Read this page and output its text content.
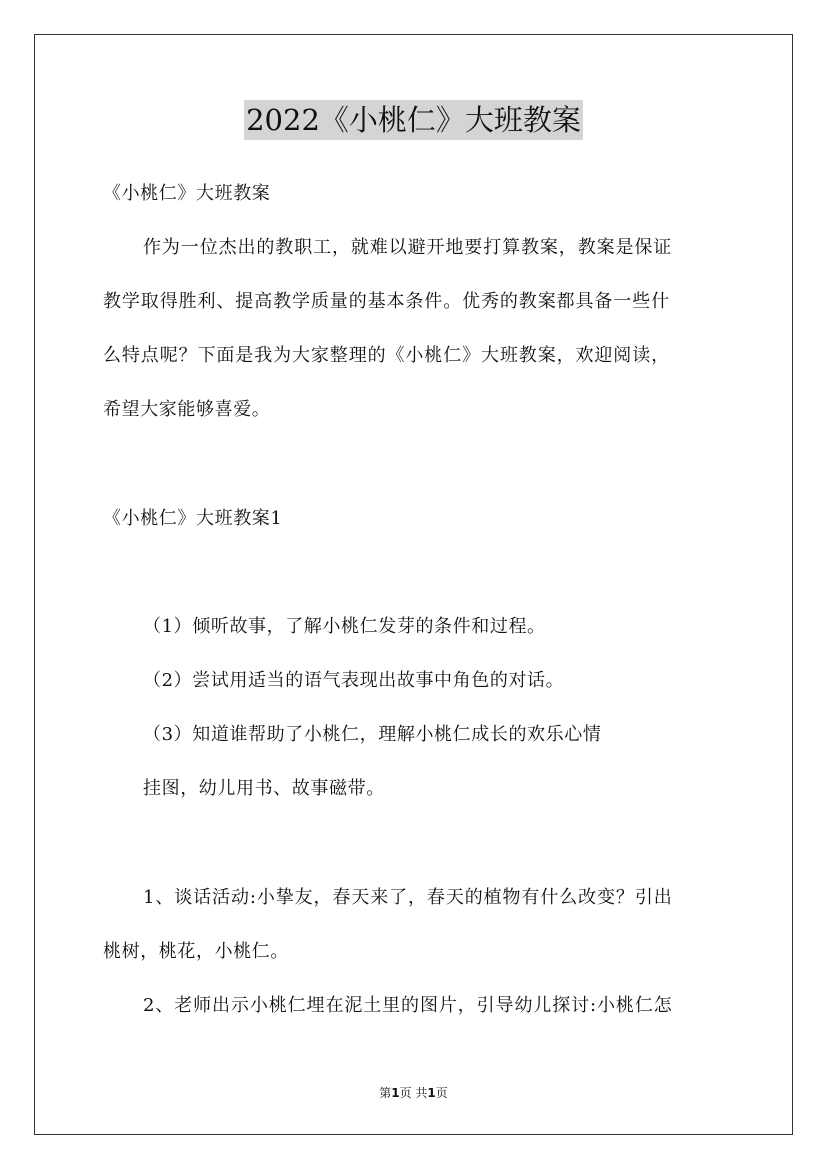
2022《小桃仁》大班教案
《小桃仁》大班教案
作为一位杰出的教职工，就难以避开地要打算教案，教案是保证
教学取得胜利、提高教学质量的基本条件。优秀的教案都具备一些什
么特点呢？下面是我为大家整理的《小桃仁》大班教案，欢迎阅读，
希望大家能够喜爱。
《小桃仁》大班教案1
（1）倾听故事，了解小桃仁发芽的条件和过程。
（2）尝试用适当的语气表现出故事中角色的对话。
（3）知道谁帮助了小桃仁，理解小桃仁成长的欢乐心情
挂图，幼儿用书、故事磁带。
1、谈话活动:小挚友，春天来了，春天的植物有什么改变？引出
桃树，桃花，小桃仁。
2、老师出示小桃仁埋在泥土里的图片，引导幼儿探讨:小桃仁怎
第1页 共1页
